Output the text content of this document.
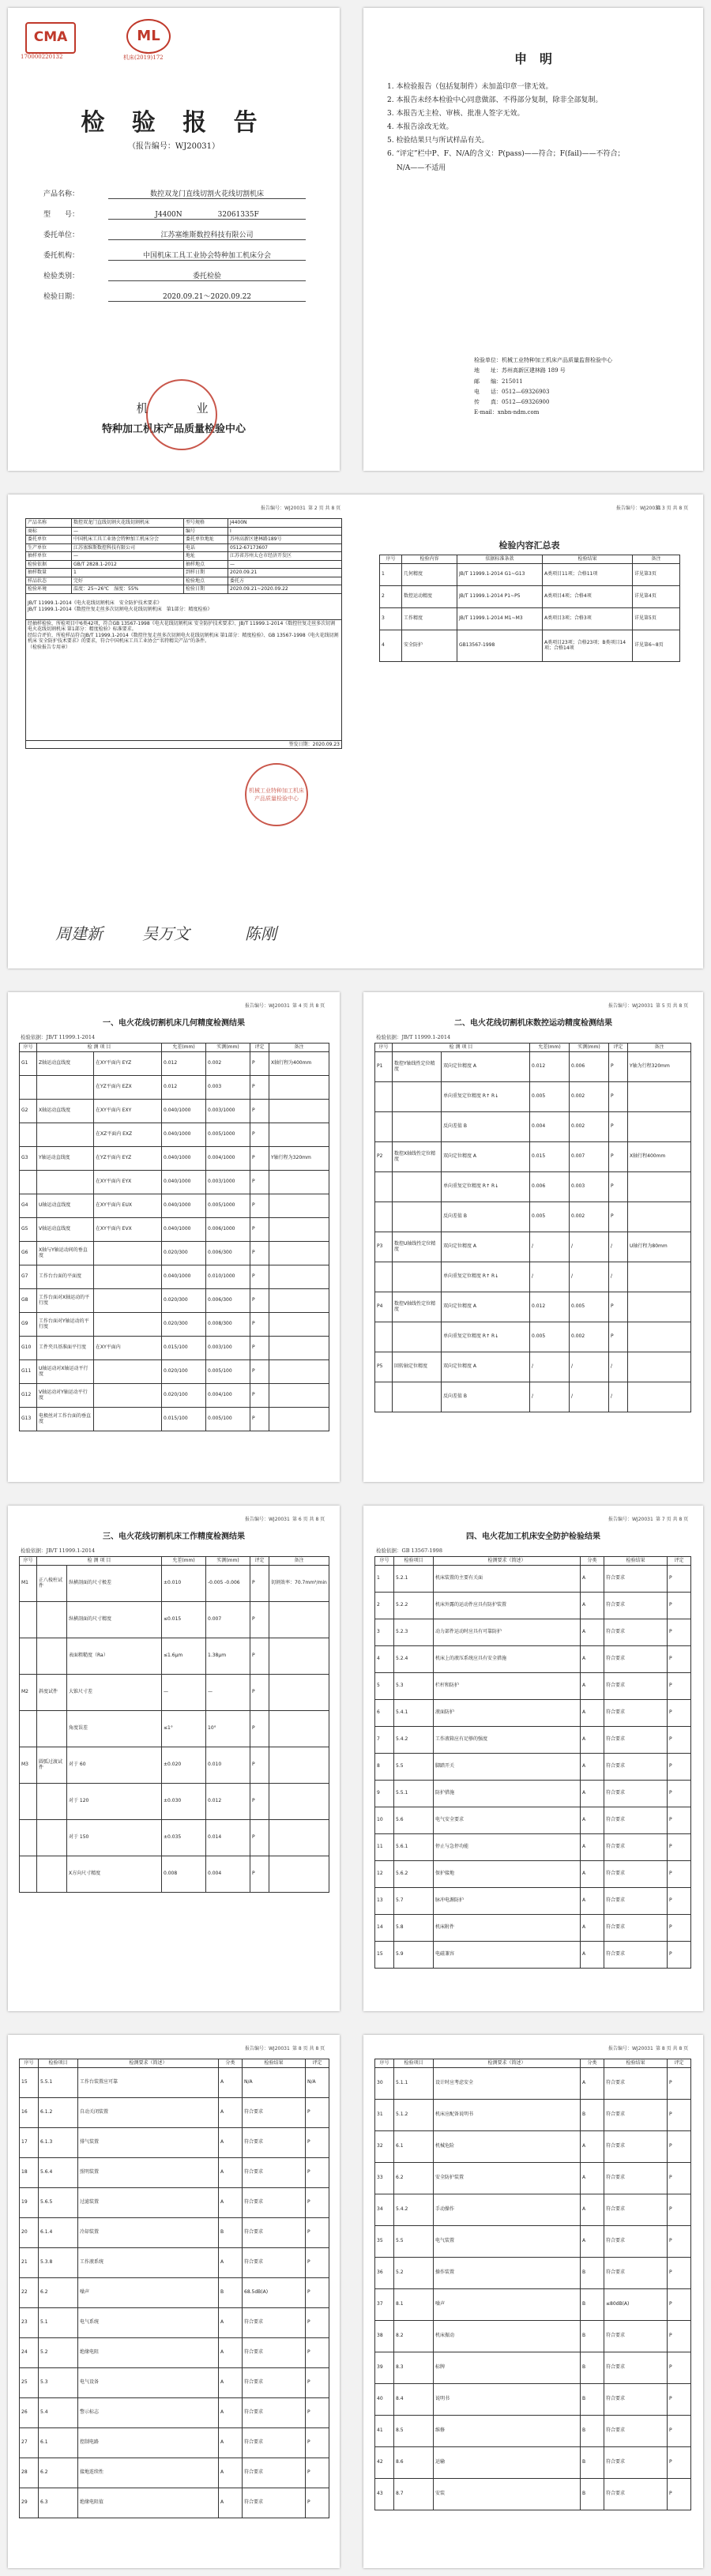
CMA
170000220132
ML
机床(2019)172
检 验 报 告
（报告编号：WJ20031）
产品名称：	数控双龙门直线切割火花线切割机床
型　　号：	J4400N　　　　　32061335F
委托单位：	江苏塞维斯数控科技有限公司
委托机构：	中国机床工具工业协会特种加工机床分会
检验类别：	委托检验
检验日期：	2020.09.21～2020.09.22
机　　　业
特种加工机床产品质量检验中心
申　明
1. 本检验报告（包括复制件）未加盖印章一律无效。
2. 本报告未经本检验中心同意做部、不得部分复制，除非全部复制。
3. 本报告无主检、审核、批准人签字无效。
4. 本报告涂改无效。
5. 检验结果只与所试样品有关。
6. “评定”栏中P、F、N/A的含义：P(pass)——符合；F(fail)——不符合；
　 N/A——不适用
检验单位：机械工业特种加工机床产品质量监督检验中心
地　　址：苏州高新区建林路 189 号
邮　　编：215011
电　　话：0512—69326903
传　　真：0512—69326900
E-mail：xnbn-ndm.com
报告编号：WJ20031 第 2 页 共 8 页	报告编号：WJ20031
第 3 页 共 8 页
产品名称	数控双龙门直线切割火花线切割机床	型号规格	J4400N
商标	—	编号	Ⅰ
委托单位	中国机床工具工业协会特种加工机床分会	委托单位地址	苏州高新区建林路189号
生产单位	江苏塞维斯数控科技有限公司	电话	0512-67173607
抽样单位	—	地址	江苏省苏州太仓市经济开发区
检验依据	GB/T 2828.1-2012	抽样地点	—
抽样数量	1	到样日期	2020.09.21
样品状态	完好	检验地点	委托方
检验环境	温度：25~26℃　湿度：55%	检验日期	2020.09.21~2020.09.22
JB/T 11999.1-2014《电火花线切割机床　安全防护技术要求》
JB/T 11999.1-2014《数控往复走丝多次切割电火花线切割机床　第1部分：精度检验》			
经抽样检验，所检项目中6类42项，符合GB 13567-1998《电火花线切割机床 安全防护技术要求》、JB/T 11999.1-2014《数控往复走丝多次切割电火花线切割机床 第1部分：精度检验》标准要求。
经综合评价，所检样品符合JB/T 11999.1-2014《数控往复走丝多次切割电火花线切割机床 第1部分：精度检验》、GB 13567-1998《电火花线切割机床 安全防护技术要求》的要求，符合中国机床工具工业协会“名特精尖产品”的条件。
（检验报告专用章）			
签发日期：2020.09.23			
机械工业特种加工机床产品质量检验中心
周建新	吴万文	陈刚
检验内容汇总表
序号	检验内容	依据标准条款	检验结果	备注
1	几何精度	JB/T 11999.1-2014 G1~G13	A类项目11项；合格11项	详见第3页
2	数控运动精度	JB/T 11999.1-2014 P1~P5	A类项目4项；合格4项	详见第4页
3	工作精度	JB/T 11999.1-2014 M1~M3	A类项目3项；合格3项	详见第5页
4	安全防护	GB13567-1998	A类项目23项；合格23项；B类项目14项；合格14项	详见第6~8页
报告编号：WJ20031 第 4 页 共 8 页
一、电火花线切割机床几何精度检测结果
检验依据：JB/T 11999.1-2014
序号	检 测 项 目		允差(mm)	实测(mm)	评定	备注
G1	Z轴运动直线度	在XY平面内 EYZ	0.012	0.002	P	X轴行程为400mm
		在YZ平面内 EZX	0.012	0.003	P	
G2	X轴运动直线度	在XY平面内 EXY	0.040/1000	0.003/1000	P	
		在XZ平面内 EXZ	0.040/1000	0.005/1000	P	
G3	Y轴运动直线度	在YZ平面内 EYZ	0.040/1000	0.004/1000	P	Y轴行程为320mm
		在XY平面内 EYX	0.040/1000	0.003/1000	P	
G4	U轴运动直线度	在XY平面内 EUX	0.040/1000	0.005/1000	P	
G5	V轴运动直线度	在XY平面内 EVX	0.040/1000	0.006/1000	P	
G6	X轴与Y轴运动间的垂直度		0.020/300	0.006/300	P	
G7	工作台台面的平面度		0.040/1000	0.010/1000	P	
G8	工作台面对X轴运动的平行度		0.020/300	0.006/300	P	
G9	工作台面对Y轴运动的平行度		0.020/300	0.008/300	P	
G10	工件夹具基准面平行度	在XY平面内	0.015/100	0.003/100	P	
G11	U轴运动对X轴运动平行度		0.020/100	0.005/100	P	
G12	V轴运动对Y轴运动平行度		0.020/100	0.004/100	P	
G13	电极丝对工作台面的垂直度		0.015/100	0.005/100	P	
报告编号：WJ20031 第 5 页 共 8 页
二、电火花线切割机床数控运动精度检测结果
检验依据：JB/T 11999.1-2014
序号	检 测 项 目		允差(mm)	实测(mm)	评定	备注
P1	数控Y轴线性定位精度	双向定位精度 A	0.012	0.006	P	Y轴为行程320mm
		单向重复定位精度 R↑ R↓	0.005	0.002	P	
		反向差值 B	0.004	0.002	P	
P2	数控X轴线性定位精度	双向定位精度 A	0.015	0.007	P	X轴行程400mm
		单向重复定位精度 R↑ R↓	0.006	0.003	P	
		反向差值 B	0.005	0.002	P	
P3	数控U轴线性定位精度	双向定位精度 A	/	/	/	U轴行程为80mm
		单向重复定位精度 R↑ R↓	/	/	/	
P4	数控V轴线性定位精度	双向定位精度 A	0.012	0.005	P	
		单向重复定位精度 R↑ R↓	0.005	0.002	P	
P5	回转轴定位精度	双向定位精度 A	/	/	/	
		反向差值 B	/	/	/	
报告编号：WJ20031 第 6 页 共 8 页
三、电火花线切割机床工作精度检测结果
检验依据：JB/T 11999.1-2014
序号	检 测 项 目		允差(mm)	实测(mm)	评定	备注
M1	正八棱柱试件	纵横剖面的尺寸极差	±0.010	-0.005 -0.006	P	切割效率：70.7mm²/min
		纵横剖面的尺寸精度	≤0.015	0.007	P	
		表面粗糙度（Ra）	≤1.6μm	1.38μm	P	
M2	斜度试件	大锥尺寸差	—	—	P	
		角度误差	≤1°	10°	P	
M3	圆弧过渡试件	对于 60	±0.020	0.010	P	
		对于 120	±0.030	0.012	P	
		对于 150	±0.035	0.014	P	
		X方向尺寸精度	0.008	0.004	P	
报告编号：WJ20031 第 7 页 共 8 页
四、电火花加工机床安全防护检验结果
检验依据：GB 13567-1998
序号	检验项目	检测要求（简述）	分类	检验结果	评定
1	5.2.1	机床装置的主要有关面	A	符合要求	P
2	5.2.2	机床外露的运动件应具有防护装置	A	符合要求	P
3	5.2.3	动力部件运动时应具有可靠防护	A	符合要求	P
4	5.2.4	机床上的液压系统应具有安全措施	A	符合要求	P
5	5.3	栏杆和防护	A	符合要求	P
6	5.4.1	液面防护	A	符合要求	P
7	5.4.2	工作液箱应有足够的强度	A	符合要求	P
8	5.5	脚踏开关	A	符合要求	P
9	5.5.1	防护措施	A	符合要求	P
10	5.6	电气安全要求	A	符合要求	P
11	5.6.1	停止与急停功能	A	符合要求	P
12	5.6.2	保护接地	A	符合要求	P
13	5.7	脉冲电源防护	A	符合要求	P
14	5.8	机床附件	A	符合要求	P
15	5.9	电磁兼容	A	符合要求	P
报告编号：WJ20031 第 8 页 共 8 页
序号	检验项目	检测要求（简述）	分类	检验结果	评定
15	5.5.1	工作台装置应可靠	A	N/A	N/A
16	6.1.2	自动关闭装置	A	符合要求	P
17	6.1.3	排气装置	A	符合要求	P
18	5.6.4	照明装置	A	符合要求	P
19	5.6.5	过滤装置	A	符合要求	P
20	6.1.4	冷却装置	B	符合要求	P
21	5.3.8	工作液系统	A	符合要求	P
22	6.2	噪声	B	68.5dB(A)	P
23	5.1	电气系统	A	符合要求	P
24	5.2	绝缘电阻	A	符合要求	P
25	5.3	电气设备	A	符合要求	P
26	5.4	警示标志	A	符合要求	P
27	6.1	控制电路	A	符合要求	P
28	6.2	接地连续性	A	符合要求	P
29	6.3	绝缘电阻值	A	符合要求	P
报告编号：WJ20031 第 8 页 共 8 页
序号	检验项目	检测要求（简述）	分类	检验结果	评定
30	5.1.1	设计时应考虑安全	A	符合要求	P
31	5.1.2	机床应配备说明书	B	符合要求	P
32	6.1	机械危险	A	符合要求	P
33	6.2	安全防护装置	A	符合要求	P
34	5.4.2	手动操作	A	符合要求	P
35	5.5	电气装置	A	符合要求	P
36	5.2	操作装置	B	符合要求	P
37	8.1	噪声	B	≤80dB(A)	P
38	8.2	机床振动	B	符合要求	P
39	8.3	标牌	B	符合要求	P
40	8.4	说明书	B	符合要求	P
41	8.5	维修	B	符合要求	P
42	8.6	运输	B	符合要求	P
43	8.7	安装	B	符合要求	P
